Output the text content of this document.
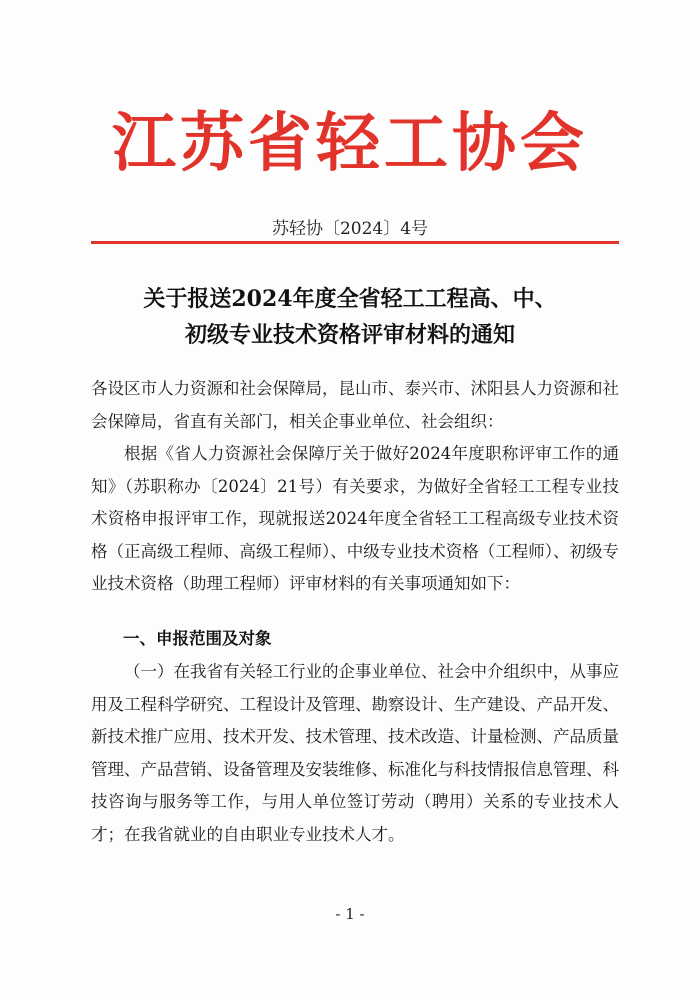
江苏省轻工协会
苏轻协〔2024〕4号
关于报送2024年度全省轻工工程高、中、
初级专业技术资格评审材料的通知
各设区市人力资源和社会保障局，昆山市、泰兴市、沭阳县人力资源和社会保障局，省直有关部门，相关企事业单位、社会组织：
根据《省人力资源社会保障厅关于做好2024年度职称评审工作的通知》（苏职称办〔2024〕21号）有关要求，为做好全省轻工工程专业技术资格申报评审工作，现就报送2024年度全省轻工工程高级专业技术资格（正高级工程师、高级工程师）、中级专业技术资格（工程师）、初级专业技术资格（助理工程师）评审材料的有关事项通知如下：
一、申报范围及对象
（一）在我省有关轻工行业的企事业单位、社会中介组织中，从事应用及工程科学研究、工程设计及管理、勘察设计、生产建设、产品开发、新技术推广应用、技术开发、技术管理、技术改造、计量检测、产品质量管理、产品营销、设备管理及安装维修、标准化与科技情报信息管理、科技咨询与服务等工作，与用人单位签订劳动（聘用）关系的专业技术人才；在我省就业的自由职业专业技术人才。
- 1 -
